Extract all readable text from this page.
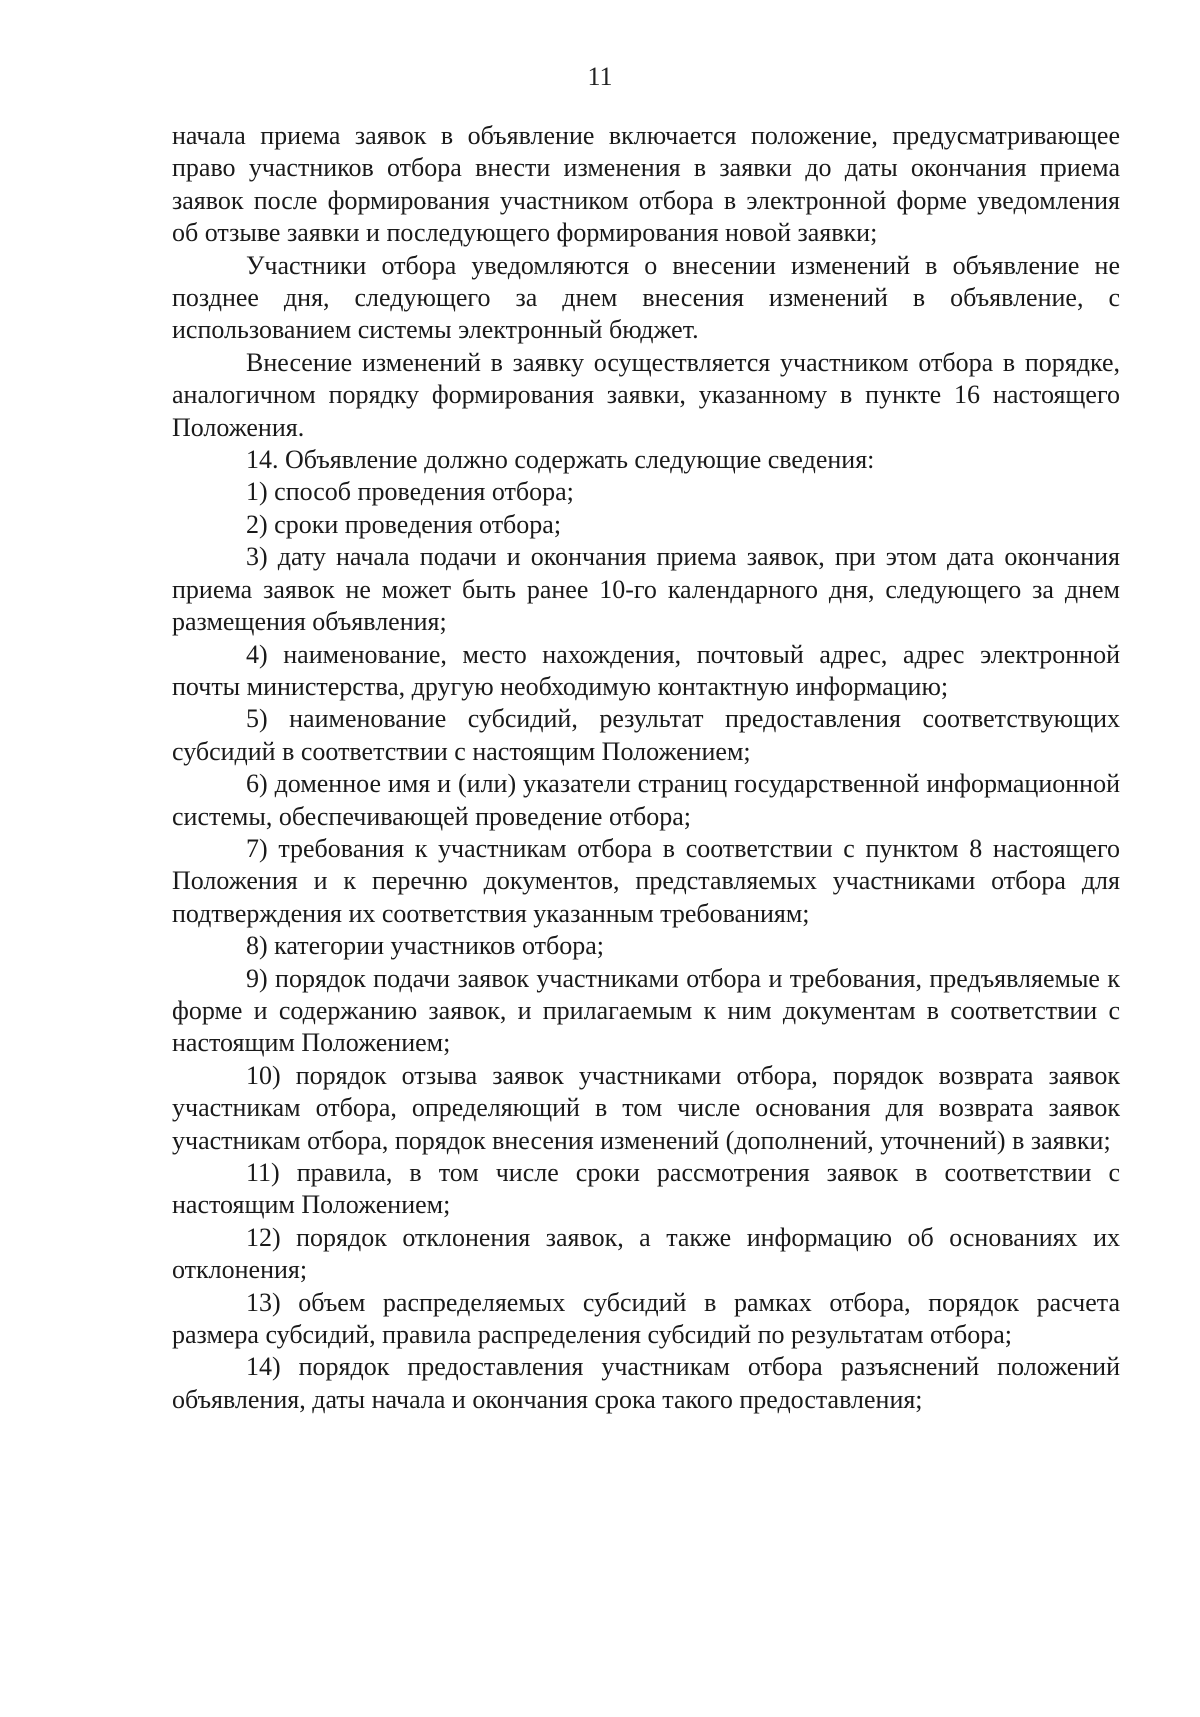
11

начала приема заявок в объявление включается положение, предусматривающее право участников отбора внести изменения в заявки до даты окончания приема заявок после формирования участником отбора в электронной форме уведомления об отзыве заявки и последующего формирования новой заявки;

Участники отбора уведомляются о внесении изменений в объявление не позднее дня, следующего за днем внесения изменений в объявление, с использованием системы электронный бюджет.

Внесение изменений в заявку осуществляется участником отбора в порядке, аналогичном порядку формирования заявки, указанному в пункте 16 настоящего Положения.

14. Объявление должно содержать следующие сведения:

1) способ проведения отбора;

2) сроки проведения отбора;

3) дату начала подачи и окончания приема заявок, при этом дата окончания приема заявок не может быть ранее 10-го календарного дня, следующего за днем размещения объявления;

4) наименование, место нахождения, почтовый адрес, адрес электронной почты министерства, другую необходимую контактную информацию;

5) наименование субсидий, результат предоставления соответствующих субсидий в соответствии с настоящим Положением;

6) доменное имя и (или) указатели страниц государственной информационной системы, обеспечивающей проведение отбора;

7) требования к участникам отбора в соответствии с пунктом 8 настоящего Положения и к перечню документов, представляемых участниками отбора для подтверждения их соответствия указанным требованиям;

8) категории участников отбора;

9) порядок подачи заявок участниками отбора и требования, предъявляемые к форме и содержанию заявок, и прилагаемым к ним документам в соответствии с настоящим Положением;

10) порядок отзыва заявок участниками отбора, порядок возврата заявок участникам отбора, определяющий в том числе основания для возврата заявок участникам отбора, порядок внесения изменений (дополнений, уточнений) в заявки;

11) правила, в том числе сроки рассмотрения заявок в соответствии с настоящим Положением;

12) порядок отклонения заявок, а также информацию об основаниях их отклонения;

13) объем распределяемых субсидий в рамках отбора, порядок расчета размера субсидий, правила распределения субсидий по результатам отбора;

14) порядок предоставления участникам отбора разъяснений положений объявления, даты начала и окончания срока такого предоставления;
